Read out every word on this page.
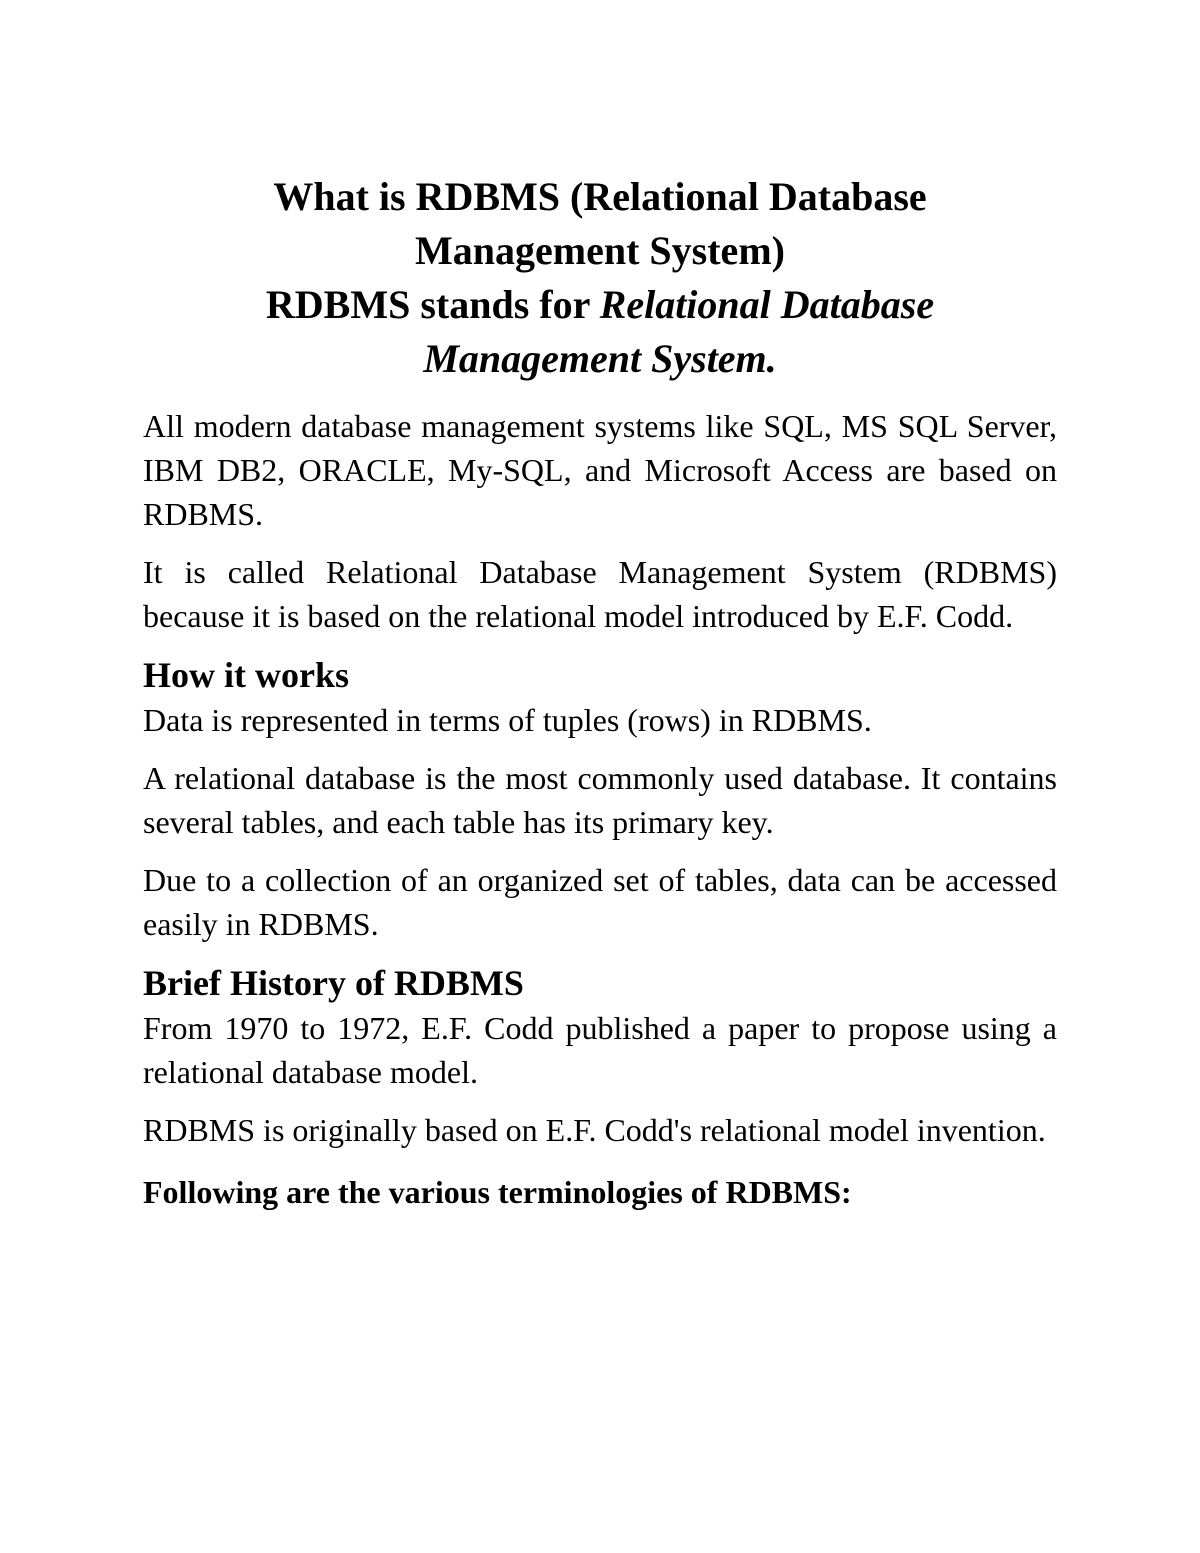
What is RDBMS (Relational Database
Management System)
RDBMS stands for Relational Database
Management System.

All modern database management systems like SQL, MS SQL Server, IBM DB2, ORACLE, My-SQL, and Microsoft Access are based on RDBMS.

It is called Relational Database Management System (RDBMS) because it is based on the relational model introduced by E.F. Codd.

How it works

Data is represented in terms of tuples (rows) in RDBMS.

A relational database is the most commonly used database. It contains several tables, and each table has its primary key.

Due to a collection of an organized set of tables, data can be accessed easily in RDBMS.

Brief History of RDBMS

From 1970 to 1972, E.F. Codd published a paper to propose using a relational database model.

RDBMS is originally based on E.F. Codd's relational model invention.

Following are the various terminologies of RDBMS:
